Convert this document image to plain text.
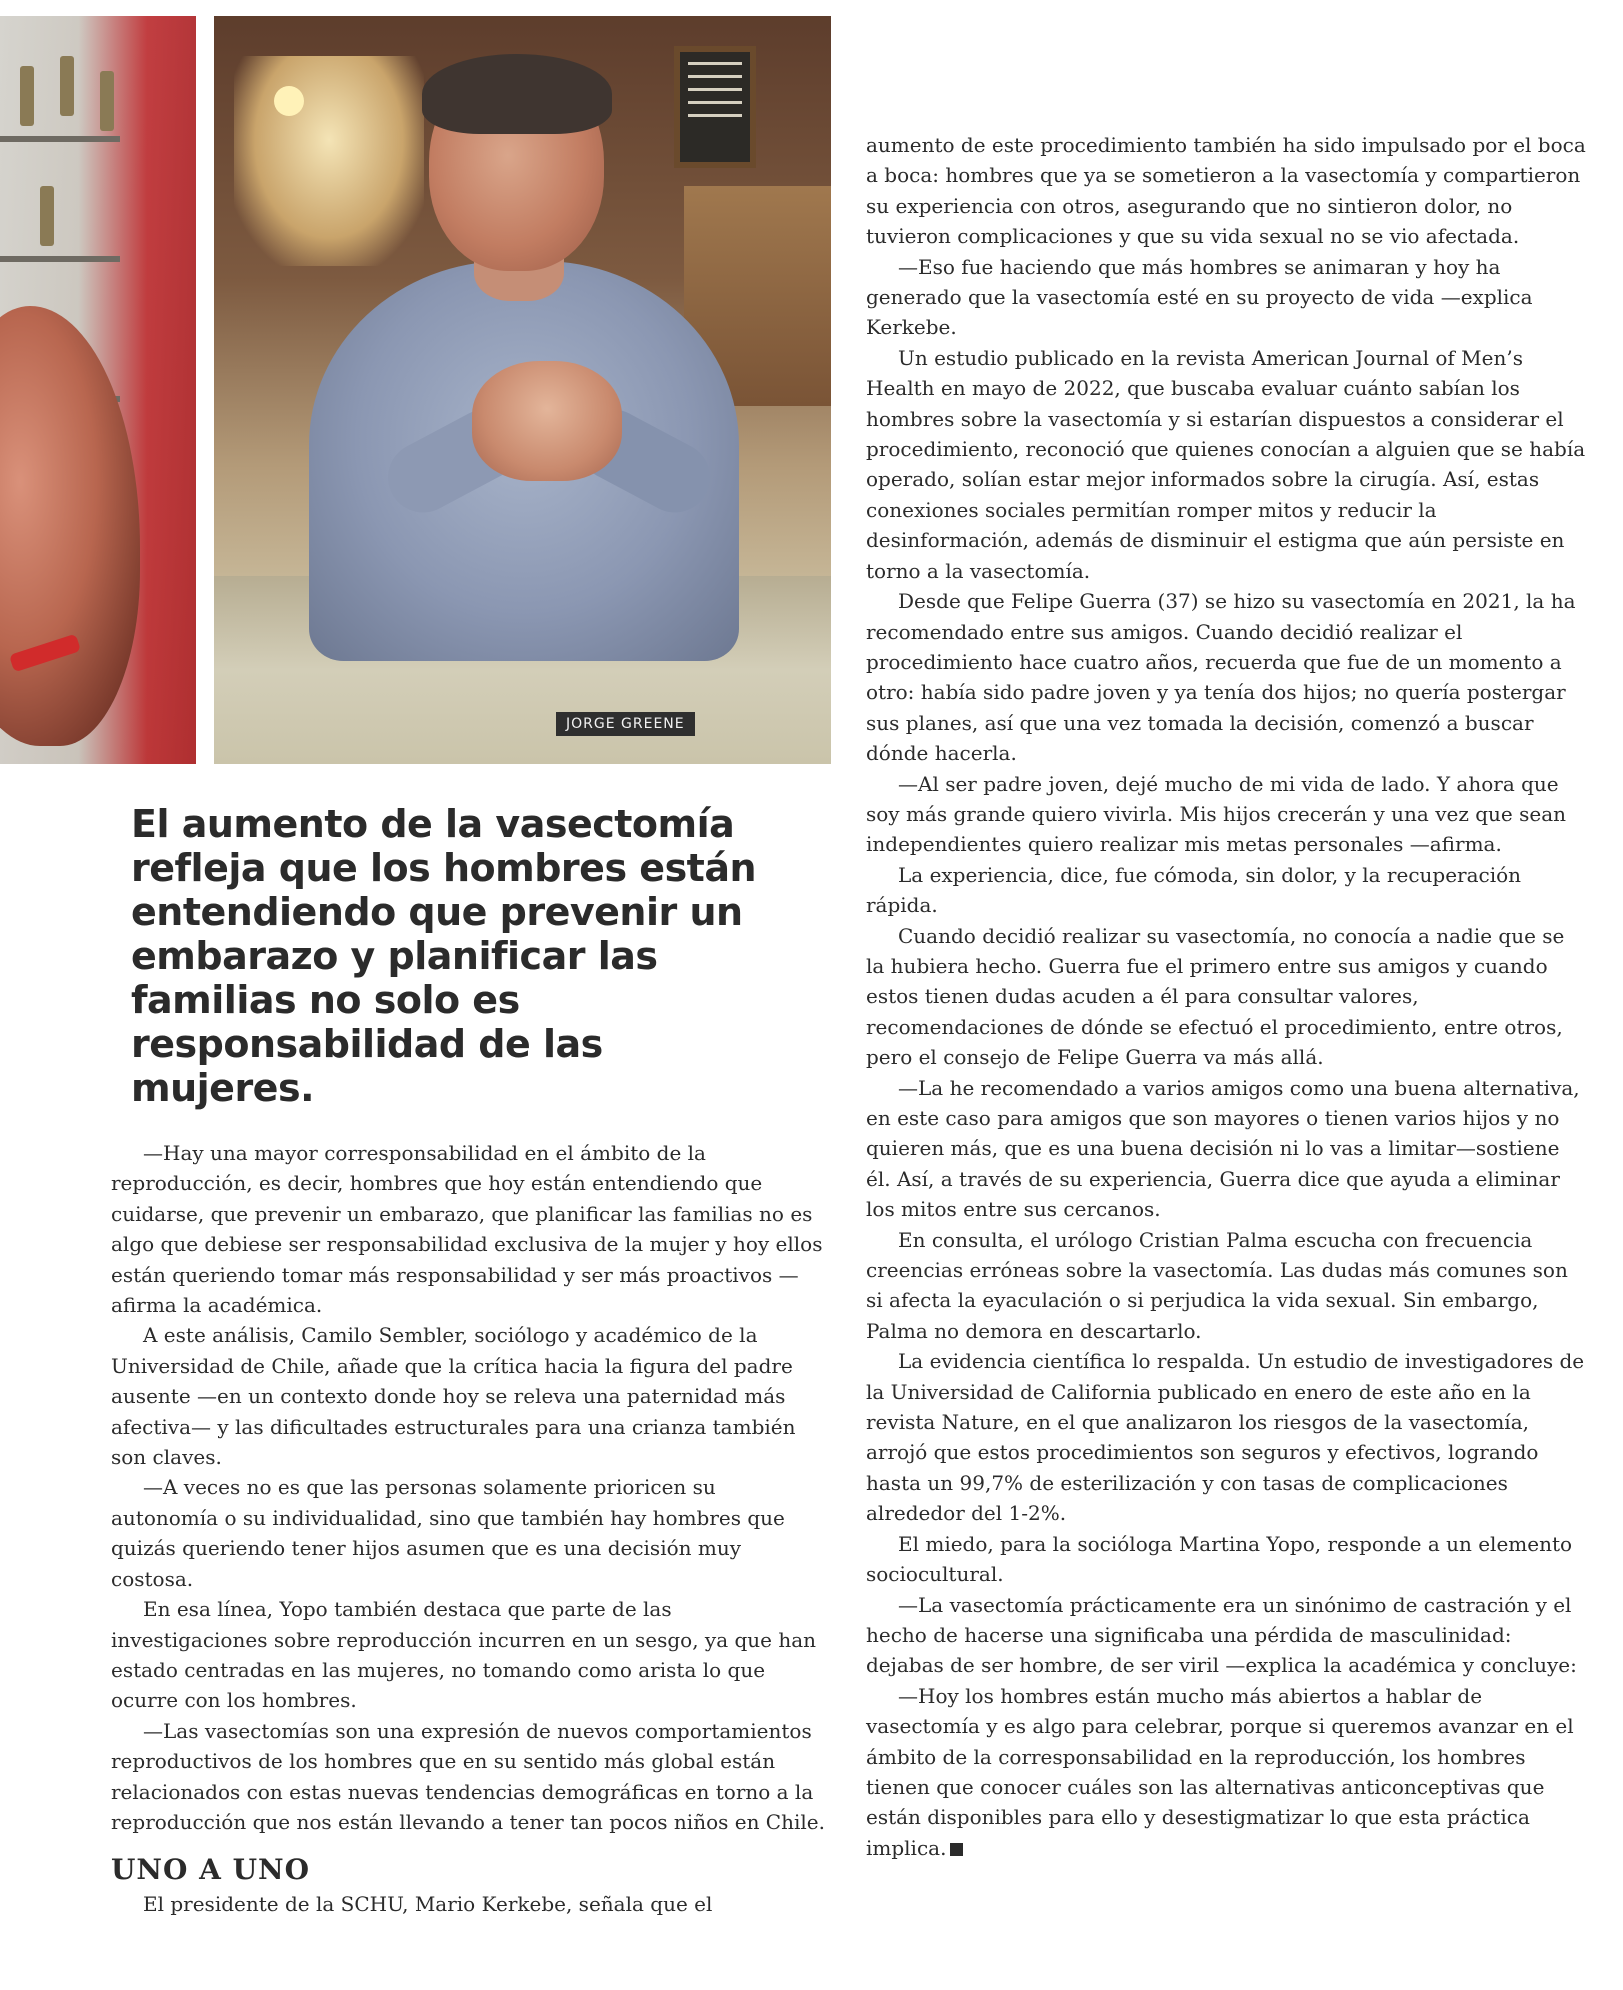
JORGE GREENE
El aumento de la vasectomía refleja que los hombres están entendiendo que prevenir un embarazo y planificar las familias no solo es responsabilidad de las mujeres.

—Hay una mayor corresponsabilidad en el ámbito de la reproducción, es decir, hombres que hoy están entendiendo que cuidarse, que prevenir un embarazo, que planificar las familias no es algo que debiese ser responsabilidad exclusiva de la mujer y hoy ellos están queriendo tomar más responsabilidad y ser más proactivos —afirma la académica.

A este análisis, Camilo Sembler, sociólogo y académico de la Universidad de Chile, añade que la crítica hacia la figura del padre ausente —en un contexto donde hoy se releva una paternidad más afectiva— y las dificultades estructurales para una crianza también son claves.

—A veces no es que las personas solamente prioricen su autonomía o su individualidad, sino que también hay hombres que quizás queriendo tener hijos asumen que es una decisión muy costosa.

En esa línea, Yopo también destaca que parte de las investigaciones sobre reproducción incurren en un sesgo, ya que han estado centradas en las mujeres, no tomando como arista lo que ocurre con los hombres.

—Las vasectomías son una expresión de nuevos comportamientos reproductivos de los hombres que en su sentido más global están relacionados con estas nuevas tendencias demográficas en torno a la reproducción que nos están llevando a tener tan pocos niños en Chile.

UNO A UNO

El presidente de la SCHU, Mario Kerkebe, señala que el

aumento de este procedimiento también ha sido impulsado por el boca a boca: hombres que ya se sometieron a la vasectomía y compartieron su experiencia con otros, asegurando que no sintieron dolor, no tuvieron complicaciones y que su vida sexual no se vio afectada.

—Eso fue haciendo que más hombres se animaran y hoy ha generado que la vasectomía esté en su proyecto de vida —explica Kerkebe.

Un estudio publicado en la revista American Journal of Men’s Health en mayo de 2022, que buscaba evaluar cuánto sabían los hombres sobre la vasectomía y si estarían dispuestos a considerar el procedimiento, reconoció que quienes conocían a alguien que se había operado, solían estar mejor informados sobre la cirugía. Así, estas conexiones sociales permitían romper mitos y reducir la desinformación, además de disminuir el estigma que aún persiste en torno a la vasectomía.

Desde que Felipe Guerra (37) se hizo su vasectomía en 2021, la ha recomendado entre sus amigos. Cuando decidió realizar el procedimiento hace cuatro años, recuerda que fue de un momento a otro: había sido padre joven y ya tenía dos hijos; no quería postergar sus planes, así que una vez tomada la decisión, comenzó a buscar dónde hacerla.

—Al ser padre joven, dejé mucho de mi vida de lado. Y ahora que soy más grande quiero vivirla. Mis hijos crecerán y una vez que sean independientes quiero realizar mis metas personales —afirma.

La experiencia, dice, fue cómoda, sin dolor, y la recuperación rápida.

Cuando decidió realizar su vasectomía, no conocía a nadie que se la hubiera hecho. Guerra fue el primero entre sus amigos y cuando estos tienen dudas acuden a él para consultar valores, recomendaciones de dónde se efectuó el procedimiento, entre otros, pero el consejo de Felipe Guerra va más allá.

—La he recomendado a varios amigos como una buena alternativa, en este caso para amigos que son mayores o tienen varios hijos y no quieren más, que es una buena decisión ni lo vas a limitar—sostiene él. Así, a través de su experiencia, Guerra dice que ayuda a eliminar los mitos entre sus cercanos.

En consulta, el urólogo Cristian Palma escucha con frecuencia creencias erróneas sobre la vasectomía. Las dudas más comunes son si afecta la eyaculación o si perjudica la vida sexual. Sin embargo, Palma no demora en descartarlo.

La evidencia científica lo respalda. Un estudio de investigadores de la Universidad de California publicado en enero de este año en la revista Nature, en el que analizaron los riesgos de la vasectomía, arrojó que estos procedimientos son seguros y efectivos, logrando hasta un 99,7% de esterilización y con tasas de complicaciones alrededor del 1-2%.

El miedo, para la socióloga Martina Yopo, responde a un elemento sociocultural.

—La vasectomía prácticamente era un sinónimo de castración y el hecho de hacerse una significaba una pérdida de masculinidad: dejabas de ser hombre, de ser viril —explica la académica y concluye:

—Hoy los hombres están mucho más abiertos a hablar de vasectomía y es algo para celebrar, porque si queremos avanzar en el ámbito de la corresponsabilidad en la reproducción, los hombres tienen que conocer cuáles son las alternativas anticonceptivas que están disponibles para ello y desestigmatizar lo que esta práctica implica.
